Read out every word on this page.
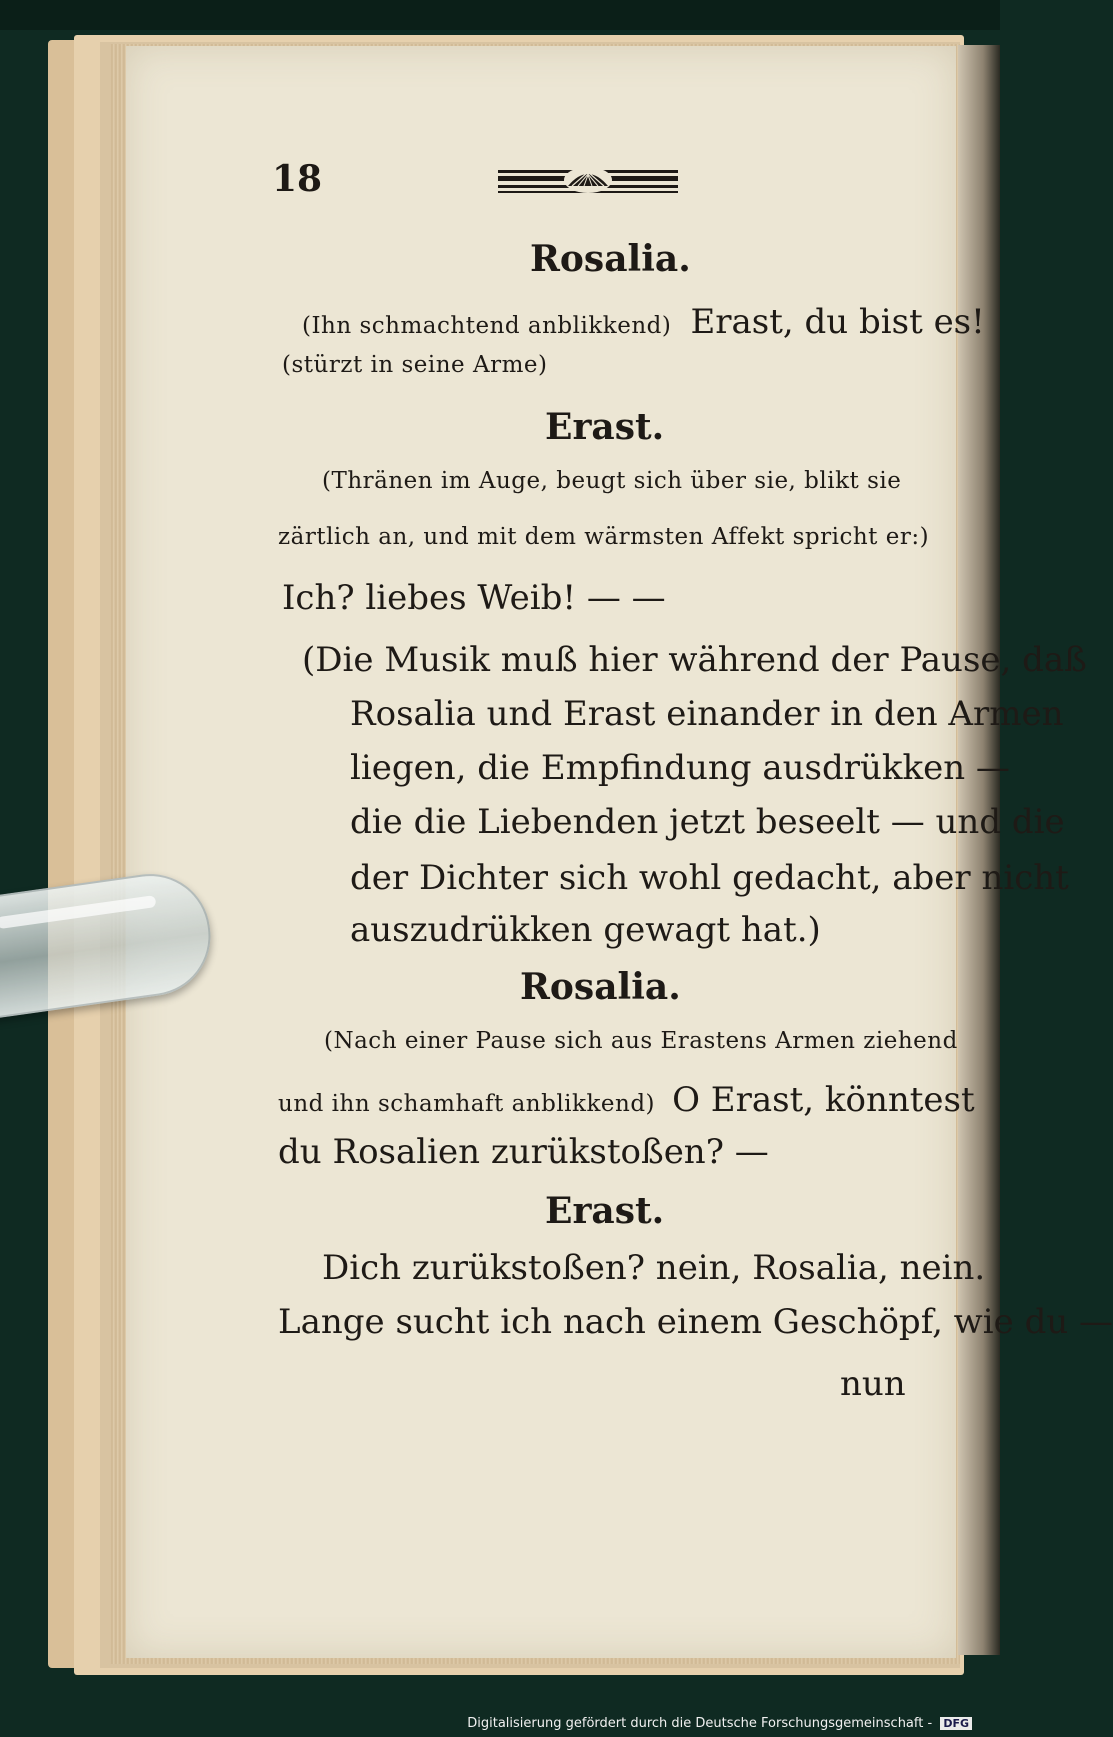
18
Rosalia.
(Ihn schmachtend anblikkend) Erast, du bist es!
(stürzt in seine Arme)
Erast.
(Thränen im Auge, beugt sich über sie, blikt sie
zärtlich an, und mit dem wärmsten Affekt spricht er:)
Ich? liebes Weib! — —
(Die Musik muß hier während der Pause, daß
Rosalia und Erast einander in den Armen
liegen, die Empfindung ausdrükken —
die die Liebenden jetzt beseelt — und die
der Dichter sich wohl gedacht, aber nicht
auszudrükken gewagt hat.)
Rosalia.
(Nach einer Pause sich aus Erastens Armen ziehend
und ihn schamhaft anblikkend) O Erast, könntest
du Rosalien zurükstoßen? —
Erast.
Dich zurükstoßen? nein, Rosalia, nein.
Lange sucht ich nach einem Geschöpf, wie du —
nun
Digitalisierung gefördert durch die Deutsche Forschungsgemeinschaft - DFG
